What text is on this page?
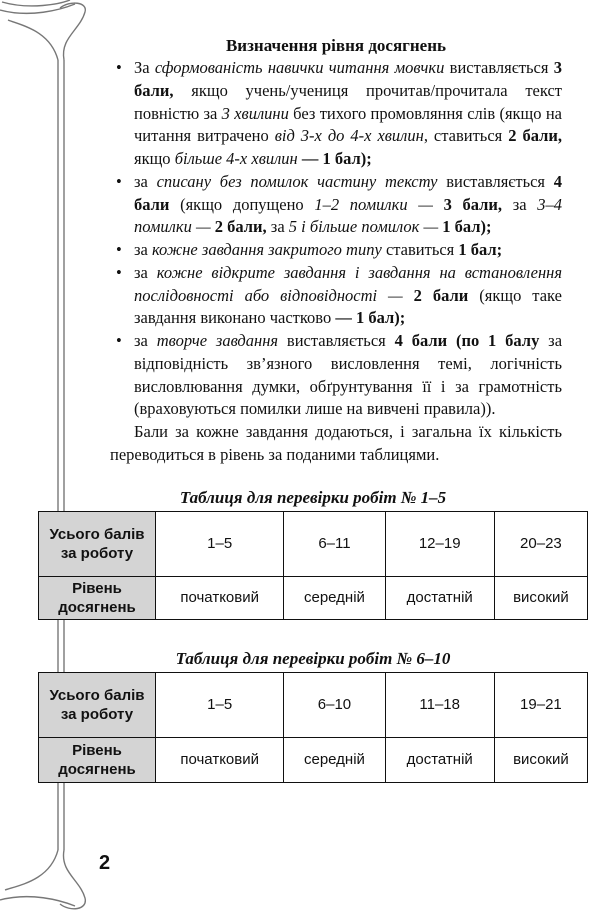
Визначення рівня досягнень
• За сформованість навички читання мовчки виставляється 3 бали, якщо учень/учениця прочитав/прочитала текст повністю за 3 хвилини без тихого промовляння слів (якщо на читання витрачено від 3-х до 4-х хвилин, ставиться 2 бали, якщо більше 4-х хвилин — 1 бал);
• за списану без помилок частину тексту виставляється 4 бали (якщо допущено 1–2 помилки — 3 бали, за 3–4 помилки — 2 бали, за 5 і більше помилок — 1 бал);
• за кожне завдання закритого типу ставиться 1 бал;
• за кожне відкрите завдання і завдання на встановлення послідовності або відповідності — 2 бали (якщо таке завдання виконано частково — 1 бал);
• за творче завдання виставляється 4 бали (по 1 балу за відповідність зв’язного висловлення темі, логічність висловлювання думки, обґрунтування її і за грамотність (враховуються помилки лише на вивчені правила)).
Бали за кожне завдання додаються, і загальна їх кількість переводиться в рівень за поданими таблицями.
Таблиця для перевірки робіт № 1–5
Усього балів за роботу	1–5	6–11	12–19	20–23
Рівень досягнень	початковий	середній	достатній	високий
Таблиця для перевірки робіт № 6–10
Усього балів за роботу	1–5	6–10	11–18	19–21
Рівень досягнень	початковий	середній	достатній	високий
2
